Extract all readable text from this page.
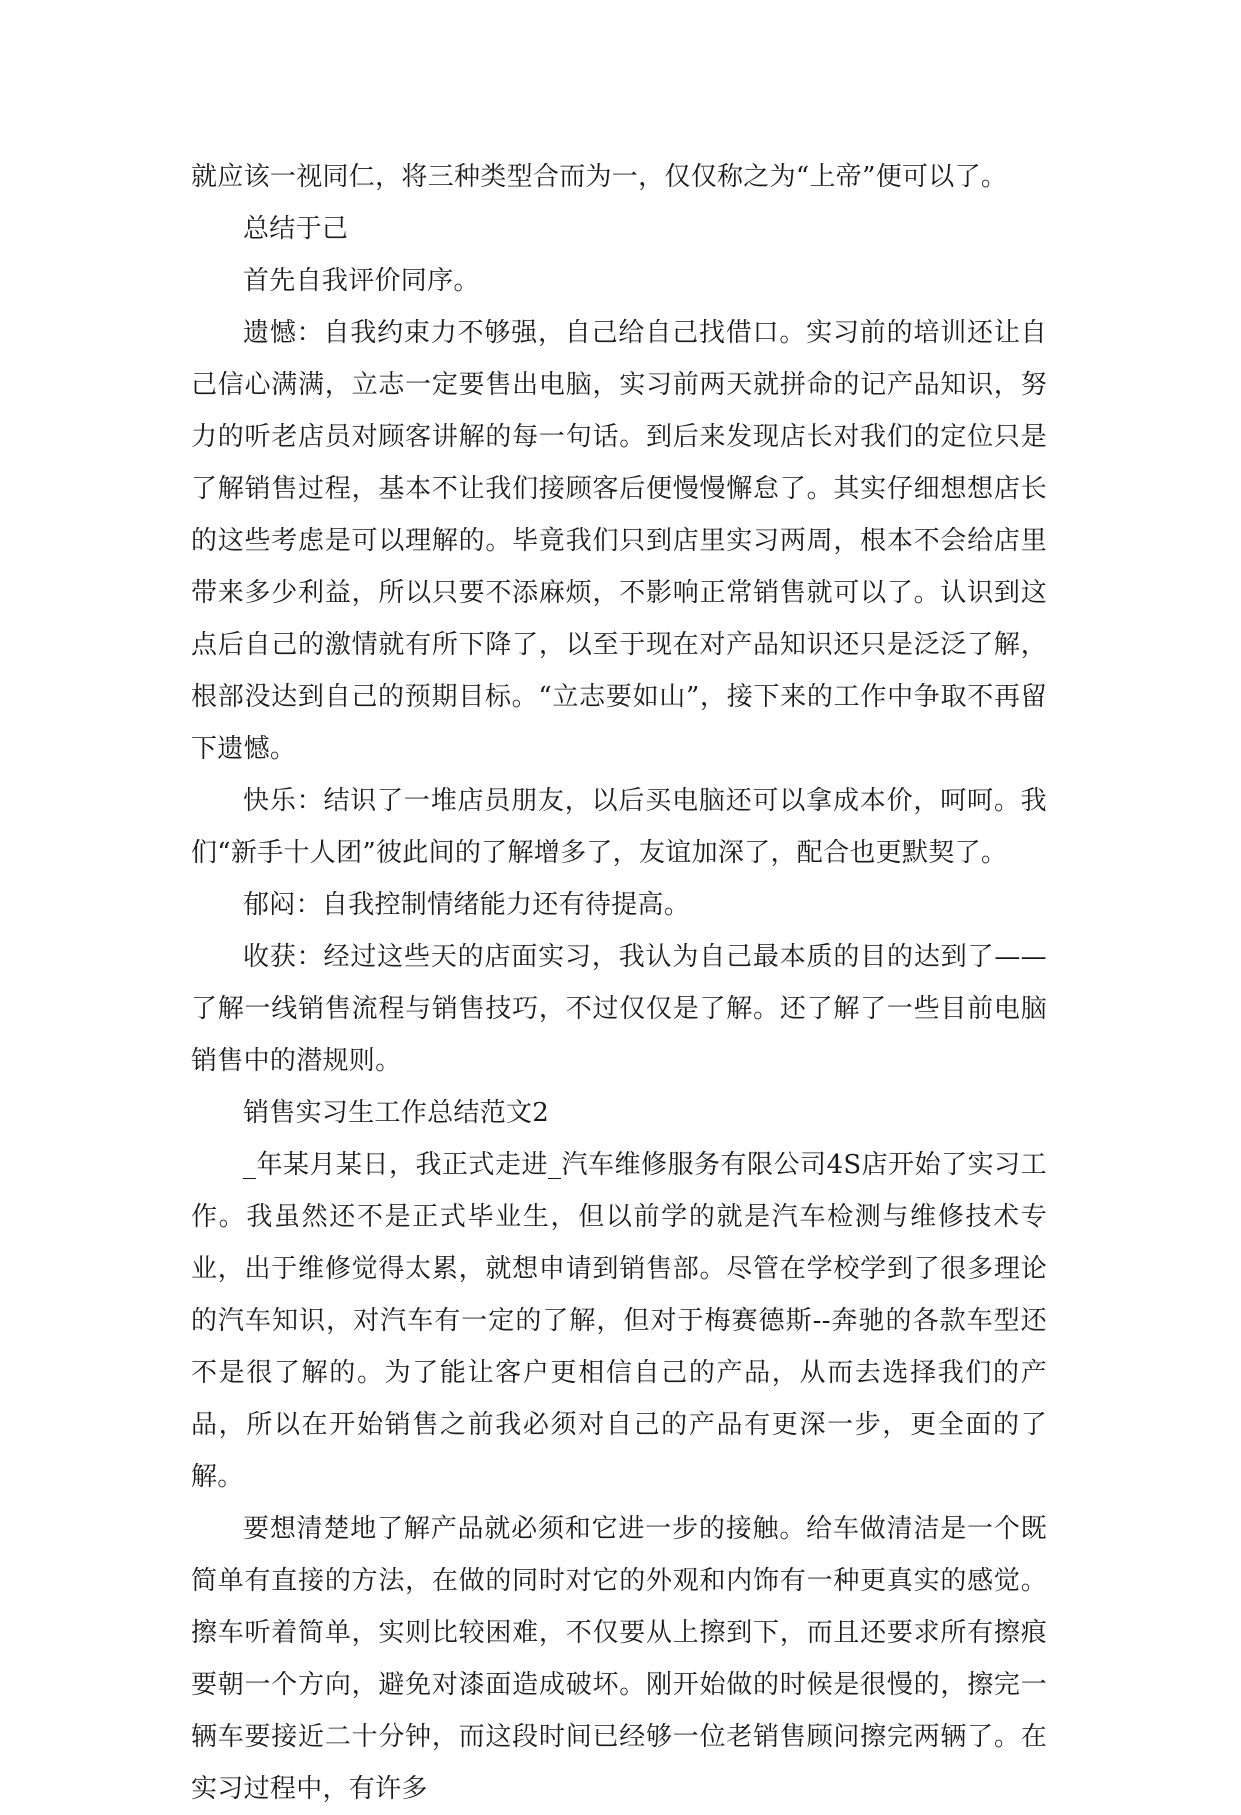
就应该一视同仁，将三种类型合而为一，仅仅称之为“上帝”便可以了。

总结于己

首先自我评价同序。

遗憾：自我约束力不够强，自己给自己找借口。实习前的培训还让自己信心满满，立志一定要售出电脑，实习前两天就拼命的记产品知识，努力的听老店员对顾客讲解的每一句话。到后来发现店长对我们的定位只是了解销售过程，基本不让我们接顾客后便慢慢懈怠了。其实仔细想想店长的这些考虑是可以理解的。毕竟我们只到店里实习两周，根本不会给店里带来多少利益，所以只要不添麻烦，不影响正常销售就可以了。认识到这点后自己的激情就有所下降了，以至于现在对产品知识还只是泛泛了解，根部没达到自己的预期目标。“立志要如山”，接下来的工作中争取不再留下遗憾。

快乐：结识了一堆店员朋友，以后买电脑还可以拿成本价，呵呵。我们“新手十人团”彼此间的了解增多了，友谊加深了，配合也更默契了。

郁闷：自我控制情绪能力还有待提高。

收获：经过这些天的店面实习，我认为自己最本质的目的达到了——了解一线销售流程与销售技巧，不过仅仅是了解。还了解了一些目前电脑销售中的潜规则。

销售实习生工作总结范文2

_年某月某日，我正式走进_汽车维修服务有限公司4S店开始了实习工作。我虽然还不是正式毕业生，但以前学的就是汽车检测与维修技术专业，出于维修觉得太累，就想申请到销售部。尽管在学校学到了很多理论的汽车知识，对汽车有一定的了解，但对于梅赛德斯--奔驰的各款车型还不是很了解的。为了能让客户更相信自己的产品，从而去选择我们的产品，所以在开始销售之前我必须对自己的产品有更深一步，更全面的了解。

要想清楚地了解产品就必须和它进一步的接触。给车做清洁是一个既简单有直接的方法，在做的同时对它的外观和内饰有一种更真实的感觉。擦车听着简单，实则比较困难，不仅要从上擦到下，而且还要求所有擦痕要朝一个方向，避免对漆面造成破坏。刚开始做的时候是很慢的，擦完一辆车要接近二十分钟，而这段时间已经够一位老销售顾问擦完两辆了。在实习过程中，有许多
